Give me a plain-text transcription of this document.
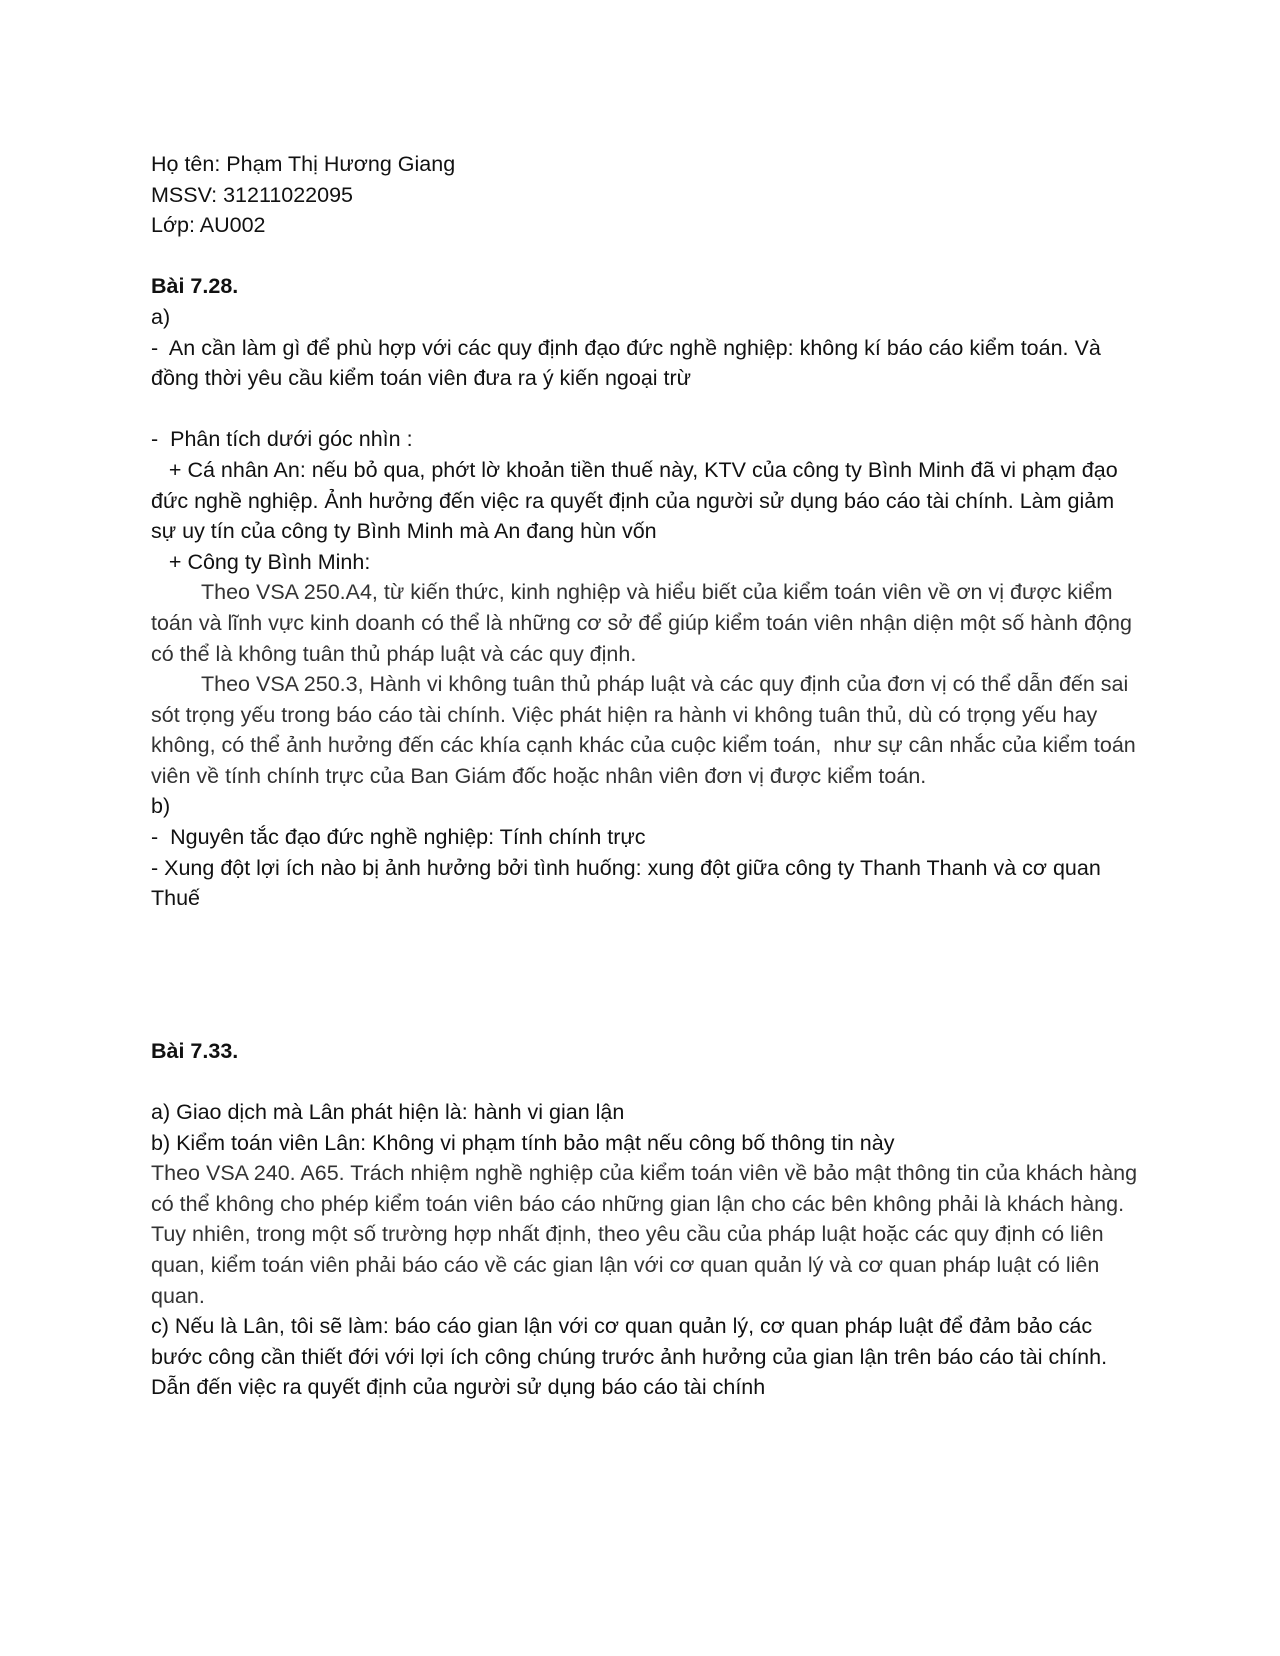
Họ tên: Phạm Thị Hương Giang

MSSV: 31211022095

Lớp: AU002

Bài 7.28.

a)

-  An cần làm gì để phù hợp với các quy định đạo đức nghề nghiệp: không kí báo cáo kiểm toán. Và đồng thời yêu cầu kiểm toán viên đưa ra ý kiến ngoại trừ

-  Phân tích dưới góc nhìn :

+ Cá nhân An: nếu bỏ qua, phớt lờ khoản tiền thuế này, KTV của công ty Bình Minh đã vi phạm đạo đức nghề nghiệp. Ảnh hưởng đến việc ra quyết định của người sử dụng báo cáo tài chính. Làm giảm sự uy tín của công ty Bình Minh mà An đang hùn vốn

+ Công ty Bình Minh:

Theo VSA 250.A4, từ kiến thức, kinh nghiệp và hiểu biết của kiểm toán viên về ơn vị được kiểm toán và lĩnh vực kinh doanh có thể là những cơ sở để giúp kiểm toán viên nhận diện một số hành động có thể là không tuân thủ pháp luật và các quy định.

Theo VSA 250.3, Hành vi không tuân thủ pháp luật và các quy định của đơn vị có thể dẫn đến sai sót trọng yếu trong báo cáo tài chính. Việc phát hiện ra hành vi không tuân thủ, dù có trọng yếu hay không, có thể ảnh hưởng đến các khía cạnh khác của cuộc kiểm toán,  như sự cân nhắc của kiểm toán viên về tính chính trực của Ban Giám đốc hoặc nhân viên đơn vị được kiểm toán.

b)

-  Nguyên tắc đạo đức nghề nghiệp: Tính chính trực

- Xung đột lợi ích nào bị ảnh hưởng bởi tình huống: xung đột giữa công ty Thanh Thanh và cơ quan Thuế

Bài 7.33.

a) Giao dịch mà Lân phát hiện là: hành vi gian lận

b) Kiểm toán viên Lân: Không vi phạm tính bảo mật nếu công bố thông tin này

Theo VSA 240. A65. Trách nhiệm nghề nghiệp của kiểm toán viên về bảo mật thông tin của khách hàng có thể không cho phép kiểm toán viên báo cáo những gian lận cho các bên không phải là khách hàng. Tuy nhiên, trong một số trường hợp nhất định, theo yêu cầu của pháp luật hoặc các quy định có liên quan, kiểm toán viên phải báo cáo về các gian lận với cơ quan quản lý và cơ quan pháp luật có liên quan.

c) Nếu là Lân, tôi sẽ làm: báo cáo gian lận với cơ quan quản lý, cơ quan pháp luật để đảm bảo các bước công cần thiết đới với lợi ích công chúng trước ảnh hưởng của gian lận trên báo cáo tài chính. Dẫn đến việc ra quyết định của người sử dụng báo cáo tài chính
